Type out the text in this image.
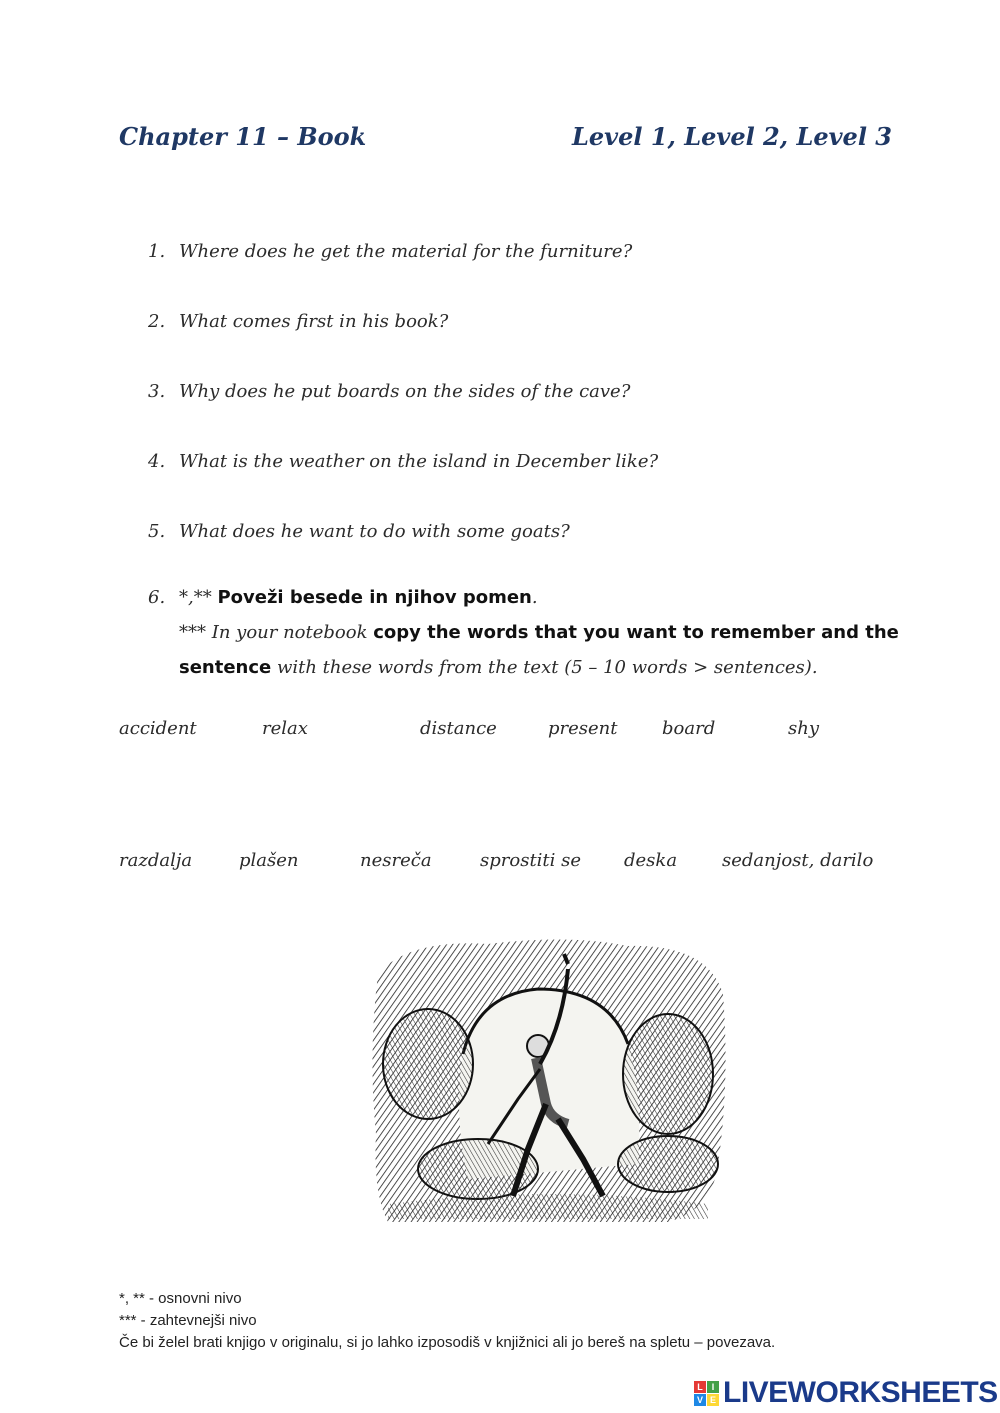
Chapter 11 – Book	Level 1, Level 2, Level 3
1. Where does he get the material for the furniture?
2. What comes first in his book?
3. Why does he put boards on the sides of the cave?
4. What is the weather on the island in December like?
5. What does he want to do with some goats?
6. *,** Poveži besede in njihov pomen.
*** In your notebook copy the words that you want to remember and the
sentence with these words from the text (5 – 10 words > sentences).
accident	relax	distance	present board	shy
razdalja	plašen	nesreča	sprostiti se deska sedanjost, darilo
*, ** - osnovni nivo
*** - zahtevnejši nivo
Če bi želel brati knjigo v originalu, si jo lahko izposodiš v knjižnici ali jo bereš na spletu – povezava.
L I
V E LIVEWORKSHEETS
